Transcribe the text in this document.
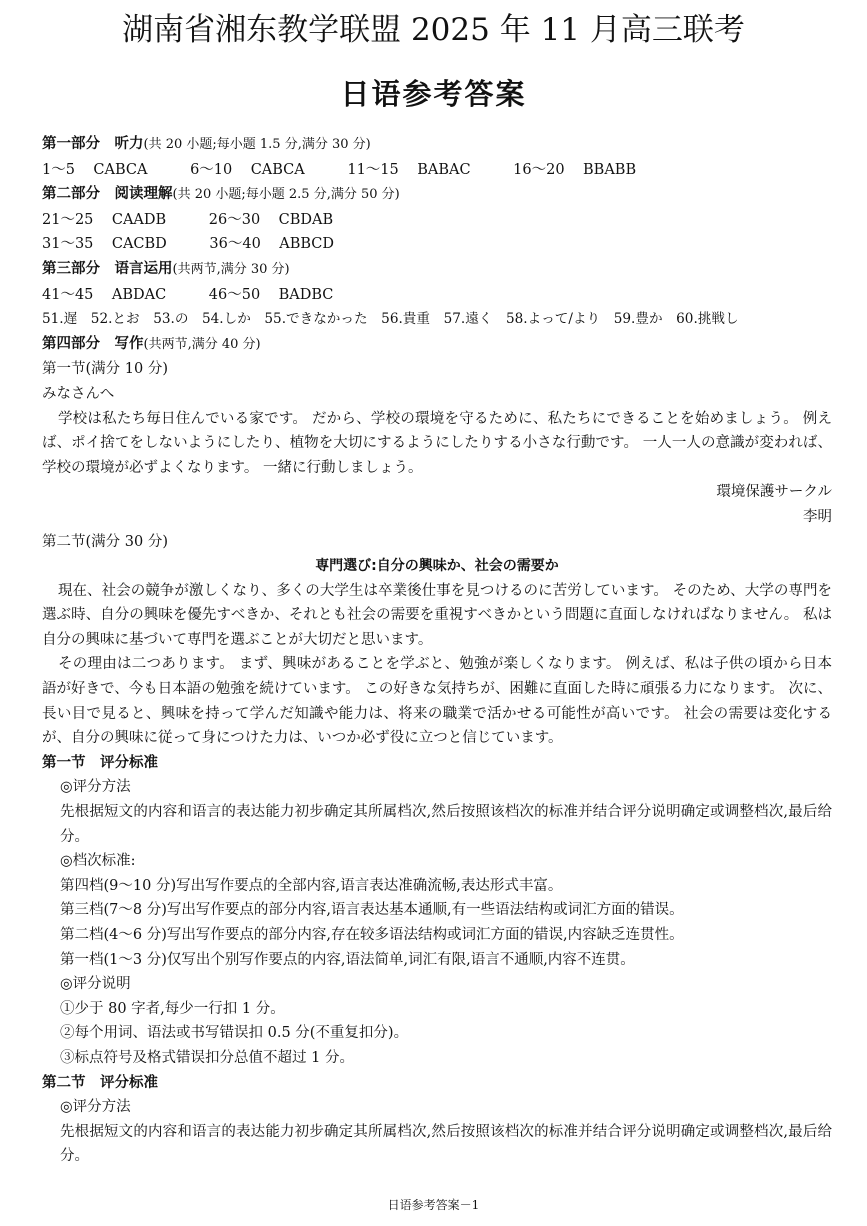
湖南省湘东教学联盟 2025 年 11 月高三联考
日语参考答案
第一部分　听力(共 20 小题;每小题 1.5 分,满分 30 分)
1～5 CABCA	6～10 CABCA	11～15 BABAC	16～20 BBABB
第二部分　阅读理解(共 20 小题;每小题 2.5 分,满分 50 分)
21～25 CAADB	26～30 CBDAB
31～35 CACBD	36～40 ABBCD
第三部分　语言运用(共两节,满分 30 分)
41～45 ABDAC	46～50 BADBC
51.遅　52.とお　53.の　54.しか　55.できなかった　56.貴重　57.遠く　58.よって/より　59.豊か　60.挑戦し
第四部分　写作(共两节,满分 40 分)
第一节(满分 10 分)
みなさんへ
学校は私たち毎日住んでいる家です。 だから、学校の環境を守るために、私たちにできることを始めましょう。 例えば、ポイ捨てをしないようにしたり、植物を大切にするようにしたりする小さな行動です。 一人一人の意識が変われば、学校の環境が必ずよくなります。 一緒に行動しましょう。
環境保護サークル
李明
第二节(满分 30 分)
専門選び:自分の興味か、社会の需要か
現在、社会の競争が激しくなり、多くの大学生は卒業後仕事を見つけるのに苦労しています。 そのため、大学の専門を選ぶ時、自分の興味を優先すべきか、それとも社会の需要を重視すべきかという問題に直面しなければなりません。 私は自分の興味に基づいて専門を選ぶことが大切だと思います。
その理由は二つあります。 まず、興味があることを学ぶと、勉強が楽しくなります。 例えば、私は子供の頃から日本語が好きで、今も日本語の勉強を続けています。 この好きな気持ちが、困難に直面した時に頑張る力になります。 次に、長い目で見ると、興味を持って学んだ知識や能力は、将来の職業で活かせる可能性が高いです。 社会の需要は変化するが、自分の興味に従って身につけた力は、いつか必ず役に立つと信じています。
第一节　评分标准
◎评分方法
先根据短文的内容和语言的表达能力初步确定其所属档次,然后按照该档次的标准并结合评分说明确定或调整档次,最后给分。
◎档次标准:
第四档(9～10 分)写出写作要点的全部内容,语言表达准确流畅,表达形式丰富。
第三档(7～8 分)写出写作要点的部分内容,语言表达基本通顺,有一些语法结构或词汇方面的错误。
第二档(4～6 分)写出写作要点的部分内容,存在较多语法结构或词汇方面的错误,内容缺乏连贯性。
第一档(1～3 分)仅写出个别写作要点的内容,语法简单,词汇有限,语言不通顺,内容不连贯。
◎评分说明
①少于 80 字者,每少一行扣 1 分。
②每个用词、语法或书写错误扣 0.5 分(不重复扣分)。
③标点符号及格式错误扣分总值不超过 1 分。
第二节　评分标准
◎评分方法
先根据短文的内容和语言的表达能力初步确定其所属档次,然后按照该档次的标准并结合评分说明确定或调整档次,最后给分。
日语参考答案－1
